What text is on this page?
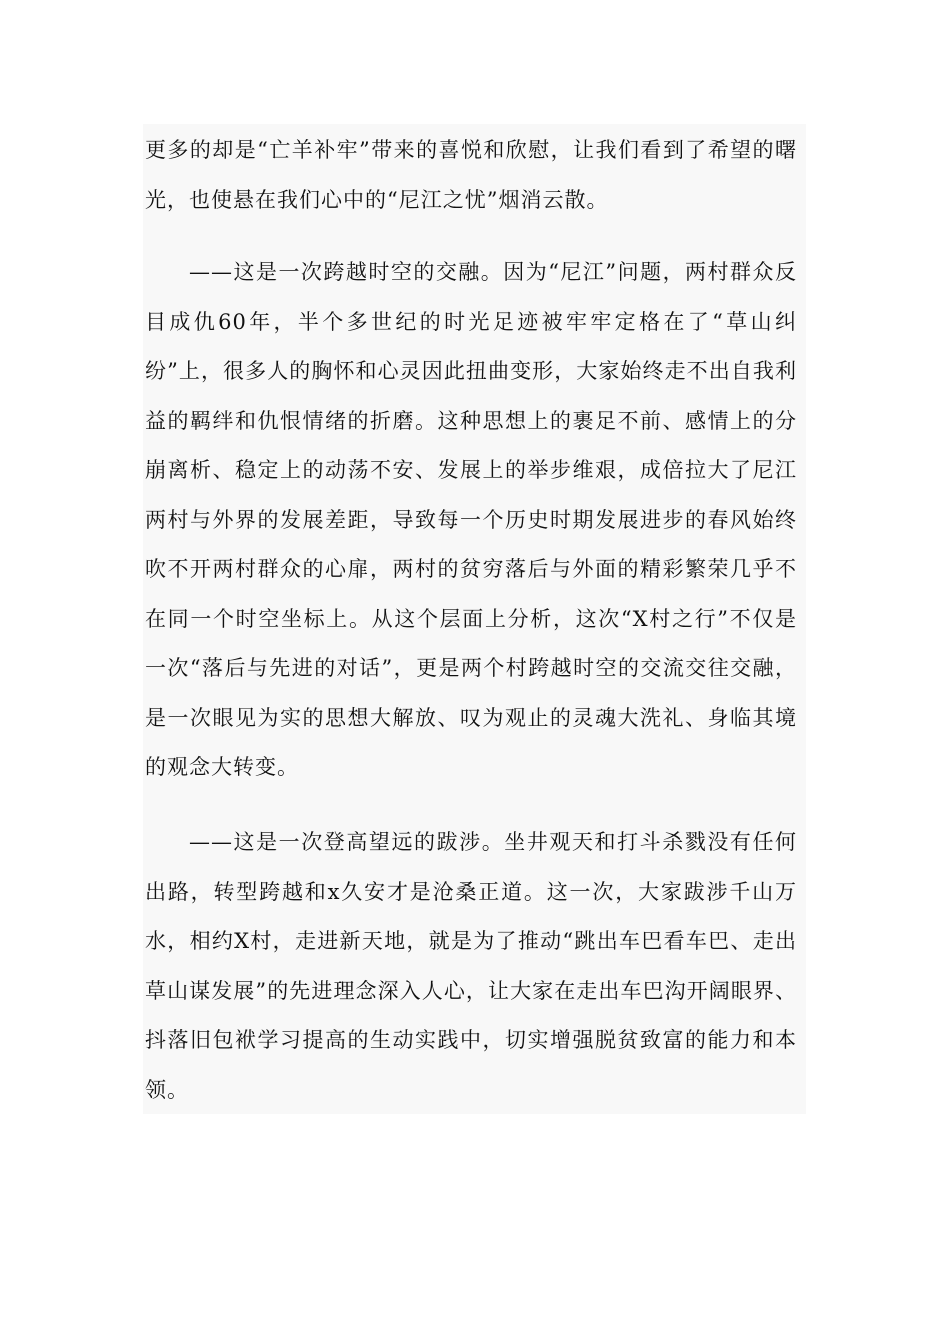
更多的却是“亡羊补牢”带来的喜悦和欣慰，让我们看到了希望的曙光，也使悬在我们心中的“尼江之忧”烟消云散。

——这是一次跨越时空的交融。因为“尼江”问题，两村群众反目成仇60年，半个多世纪的时光足迹被牢牢定格在了“草山纠纷”上，很多人的胸怀和心灵因此扭曲变形，大家始终走不出自我利益的羁绊和仇恨情绪的折磨。这种思想上的裹足不前、感情上的分崩离析、稳定上的动荡不安、发展上的举步维艰，成倍拉大了尼江两村与外界的发展差距，导致每一个历史时期发展进步的春风始终吹不开两村群众的心扉，两村的贫穷落后与外面的精彩繁荣几乎不在同一个时空坐标上。从这个层面上分析，这次“X村之行”不仅是一次“落后与先进的对话”，更是两个村跨越时空的交流交往交融，是一次眼见为实的思想大解放、叹为观止的灵魂大洗礼、身临其境的观念大转变。

——这是一次登高望远的跋涉。坐井观天和打斗杀戮没有任何出路，转型跨越和x久安才是沧桑正道。这一次，大家跋涉千山万水，相约X村，走进新天地，就是为了推动“跳出车巴看车巴、走出草山谋发展”的先进理念深入人心，让大家在走出车巴沟开阔眼界、抖落旧包袱学习提高的生动实践中，切实增强脱贫致富的能力和本领。
